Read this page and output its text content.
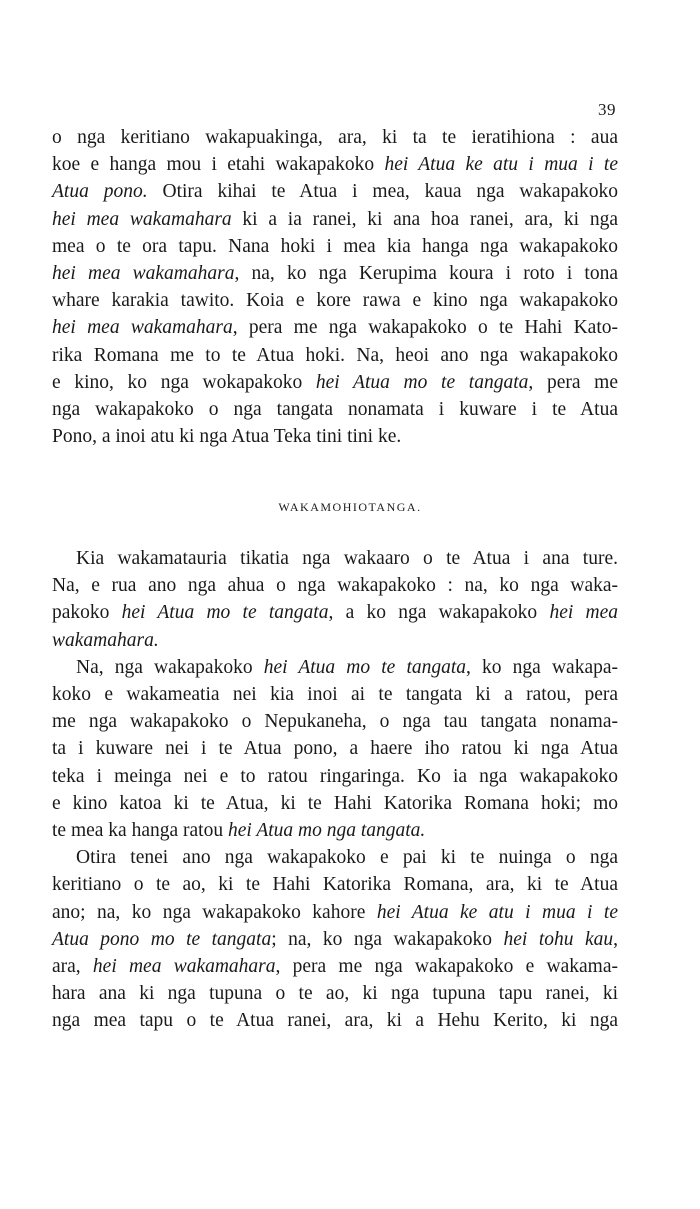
39
o nga keritiano wakapuakinga, ara, ki ta te ieratihiona : aua
koe e hanga mou i etahi wakapakoko hei Atua ke atu i mua i te
Atua pono. Otira kihai te Atua i mea, kaua nga wakapakoko
hei mea wakamahara ki a ia ranei, ki ana hoa ranei, ara, ki nga
mea o te ora tapu. Nana hoki i mea kia hanga nga wakapakoko
hei mea wakamahara, na, ko nga Kerupima koura i roto i tona
whare karakia tawito. Koia e kore rawa e kino nga wakapakoko
hei mea wakamahara, pera me nga wakapakoko o te Hahi Kato-
rika Romana me to te Atua hoki. Na, heoi ano nga wakapakoko
e kino, ko nga wokapakoko hei Atua mo te tangata, pera me
nga wakapakoko o nga tangata nonamata i kuware i te Atua
Pono, a inoi atu ki nga Atua Teka tini tini ke.
WAKAMOHIOTANGA.
Kia wakamatauria tikatia nga wakaaro o te Atua i ana ture.
Na, e rua ano nga ahua o nga wakapakoko : na, ko nga waka-
pakoko hei Atua mo te tangata, a ko nga wakapakoko hei mea
wakamahara.
Na, nga wakapakoko hei Atua mo te tangata, ko nga wakapa-
koko e wakameatia nei kia inoi ai te tangata ki a ratou, pera
me nga wakapakoko o Nepukaneha, o nga tau tangata nonama-
ta i kuware nei i te Atua pono, a haere iho ratou ki nga Atua
teka i meinga nei e to ratou ringaringa. Ko ia nga wakapakoko
e kino katoa ki te Atua, ki te Hahi Katorika Romana hoki; mo
te mea ka hanga ratou hei Atua mo nga tangata.
Otira tenei ano nga wakapakoko e pai ki te nuinga o nga
keritiano o te ao, ki te Hahi Katorika Romana, ara, ki te Atua
ano; na, ko nga wakapakoko kahore hei Atua ke atu i mua i te
Atua pono mo te tangata; na, ko nga wakapakoko hei tohu kau,
ara, hei mea wakamahara, pera me nga wakapakoko e wakama-
hara ana ki nga tupuna o te ao, ki nga tupuna tapu ranei, ki
nga mea tapu o te Atua ranei, ara, ki a Hehu Kerito, ki nga
